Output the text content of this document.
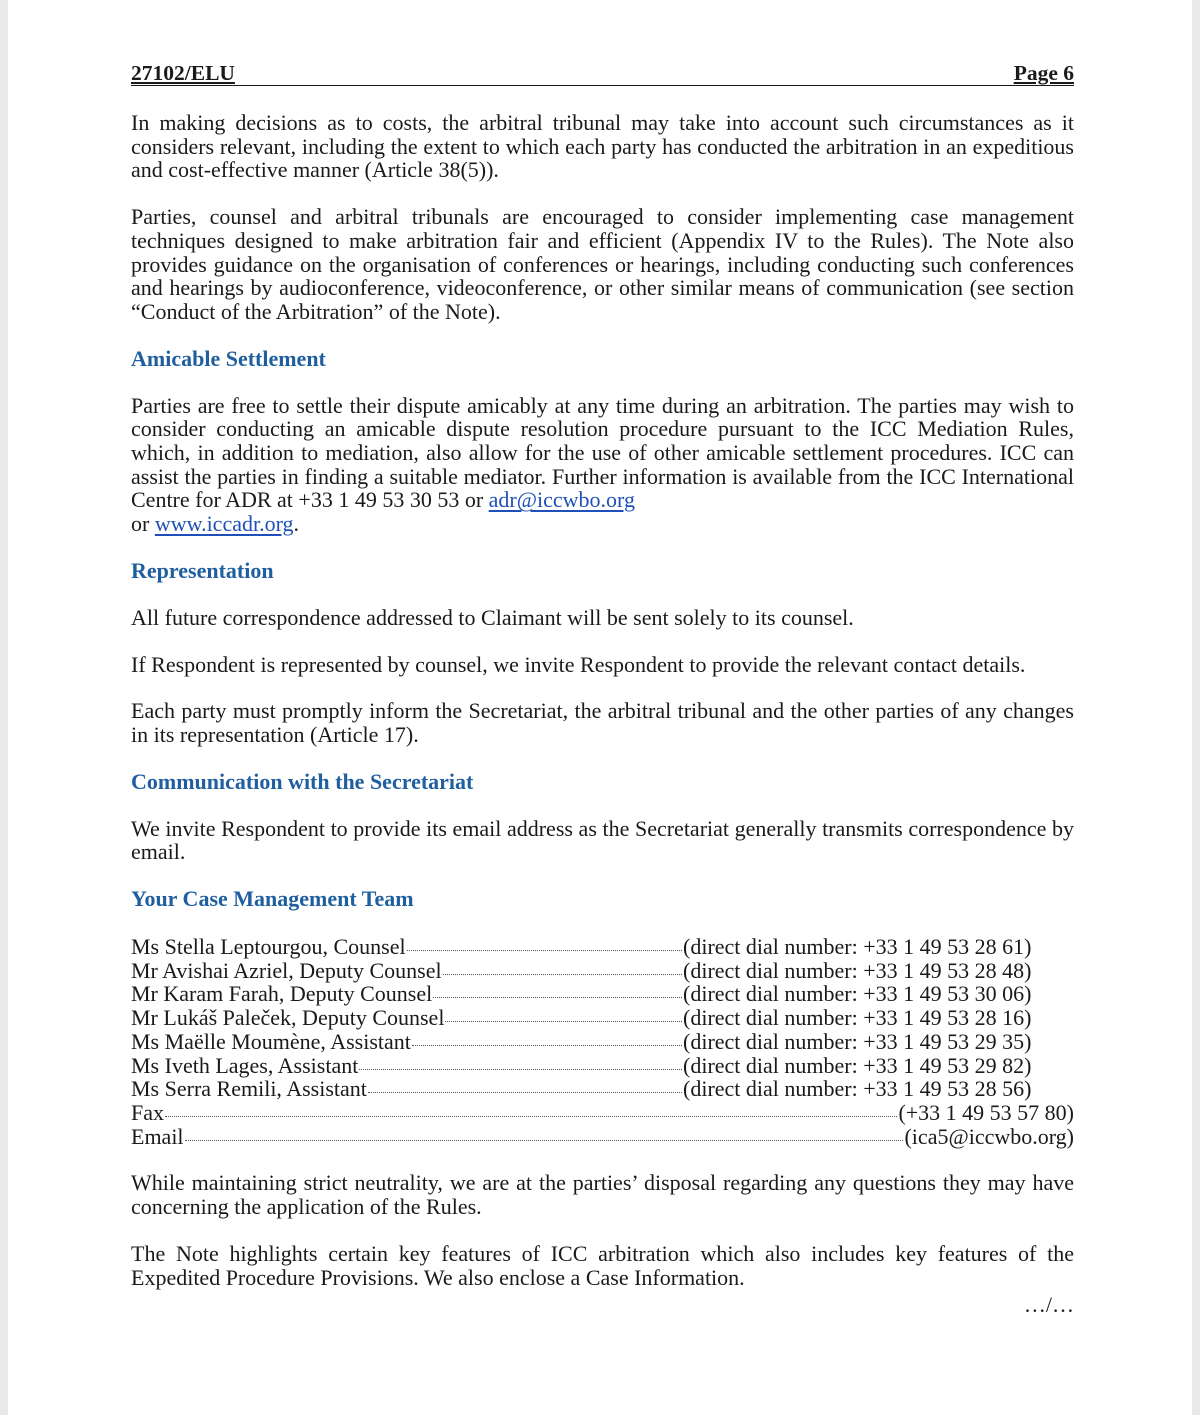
27102/ELU	Page 6

In making decisions as to costs, the arbitral tribunal may take into account such circumstances as it considers relevant, including the extent to which each party has conducted the arbitration in an expeditious and cost-effective manner (Article 38(5)).

Parties, counsel and arbitral tribunals are encouraged to consider implementing case management techniques designed to make arbitration fair and efficient (Appendix IV to the Rules). The Note also provides guidance on the organisation of conferences or hearings, including conducting such conferences and hearings by audioconference, videoconference, or other similar means of communication (see section “Conduct of the Arbitration” of the Note).

Amicable Settlement

Parties are free to settle their dispute amicably at any time during an arbitration. The parties may wish to consider conducting an amicable dispute resolution procedure pursuant to the ICC Mediation Rules, which, in addition to mediation, also allow for the use of other amicable settlement procedures. ICC can assist the parties in finding a suitable mediator. Further information is available from the ICC International Centre for ADR at +33 1 49 53 30 53 or adr@iccwbo.org
or www.iccadr.org.

Representation

All future correspondence addressed to Claimant will be sent solely to its counsel.

If Respondent is represented by counsel, we invite Respondent to provide the relevant contact details.

Each party must promptly inform the Secretariat, the arbitral tribunal and the other parties of any changes in its representation (Article 17).

Communication with the Secretariat

We invite Respondent to provide its email address as the Secretariat generally transmits correspondence by email.

Your Case Management Team
Ms Stella Leptourgou, Counsel	(direct dial number: +33 1 49 53 28 61)
Mr Avishai Azriel, Deputy Counsel	(direct dial number: +33 1 49 53 28 48)
Mr Karam Farah, Deputy Counsel	(direct dial number: +33 1 49 53 30 06)
Mr Lukáš Paleček, Deputy Counsel	(direct dial number: +33 1 49 53 28 16)
Ms Maëlle Moumène, Assistant	(direct dial number: +33 1 49 53 29 35)
Ms Iveth Lages, Assistant	(direct dial number: +33 1 49 53 29 82)
Ms Serra Remili, Assistant	(direct dial number: +33 1 49 53 28 56)
Fax	(+33 1 49 53 57 80)
Email	(ica5@iccwbo.org)

While maintaining strict neutrality, we are at the parties’ disposal regarding any questions they may have concerning the application of the Rules.

The Note highlights certain key features of ICC arbitration which also includes key features of the Expedited Procedure Provisions. We also enclose a Case Information.

…/…
